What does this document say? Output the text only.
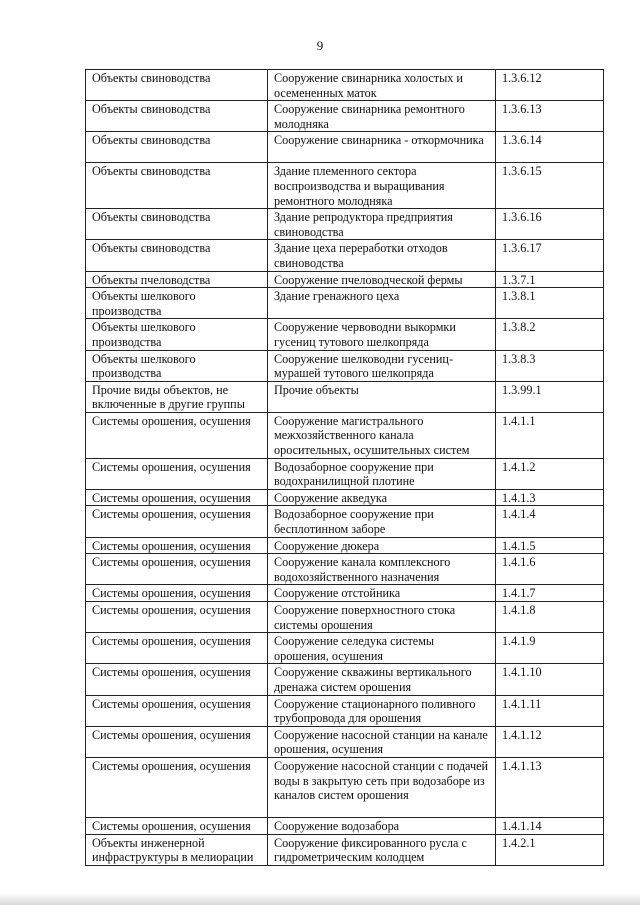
9
Объекты свиноводства	Сооружение свинарника холостых и осемененных маток	1.3.6.12
Объекты свиноводства	Сооружение свинарника ремонтного молодняка	1.3.6.13
Объекты свиноводства	Сооружение свинарника - откормочника	1.3.6.14
Объекты свиноводства	Здание племенного сектора воспроизводства и выращивания ремонтного молодняка	1.3.6.15
Объекты свиноводства	Здание репродуктора предприятия свиноводства	1.3.6.16
Объекты свиноводства	Здание цеха переработки отходов свиноводства	1.3.6.17
Объекты пчеловодства	Сооружение пчеловодческой фермы	1.3.7.1
Объекты шелкового производства	Здание гренажного цеха	1.3.8.1
Объекты шелкового производства	Сооружение червоводни выкормки гусениц тутового шелкопряда	1.3.8.2
Объекты шелкового производства	Сооружение шелководни гусениц-мурашей тутового шелкопряда	1.3.8.3
Прочие виды объектов, не включенные в другие группы	Прочие объекты	1.3.99.1
Системы орошения, осушения	Сооружение магистрального межхозяйственного канала оросительных, осушительных систем	1.4.1.1
Системы орошения, осушения	Водозаборное сооружение при водохранилищной плотине	1.4.1.2
Системы орошения, осушения	Сооружение акведука	1.4.1.3
Системы орошения, осушения	Водозаборное сооружение при бесплотинном заборе	1.4.1.4
Системы орошения, осушения	Сооружение дюкера	1.4.1.5
Системы орошения, осушения	Сооружение канала комплексного водохозяйственного назначения	1.4.1.6
Системы орошения, осушения	Сооружение отстойника	1.4.1.7
Системы орошения, осушения	Сооружение поверхностного стока системы орошения	1.4.1.8
Системы орошения, осушения	Сооружение селедука системы орошения, осушения	1.4.1.9
Системы орошения, осушения	Сооружение скважины вертикального дренажа систем орошения	1.4.1.10
Системы орошения, осушения	Сооружение стационарного поливного трубопровода для орошения	1.4.1.11
Системы орошения, осушения	Сооружение насосной станции на канале орошения, осушения	1.4.1.12
Системы орошения, осушения	Сооружение насосной станции с подачей воды в закрытую сеть при водозаборе из каналов систем орошения	1.4.1.13
Системы орошения, осушения	Сооружение водозабора	1.4.1.14
Объекты инженерной инфраструктуры в мелиорации	Сооружение фиксированного русла с гидрометрическим колодцем	1.4.2.1
